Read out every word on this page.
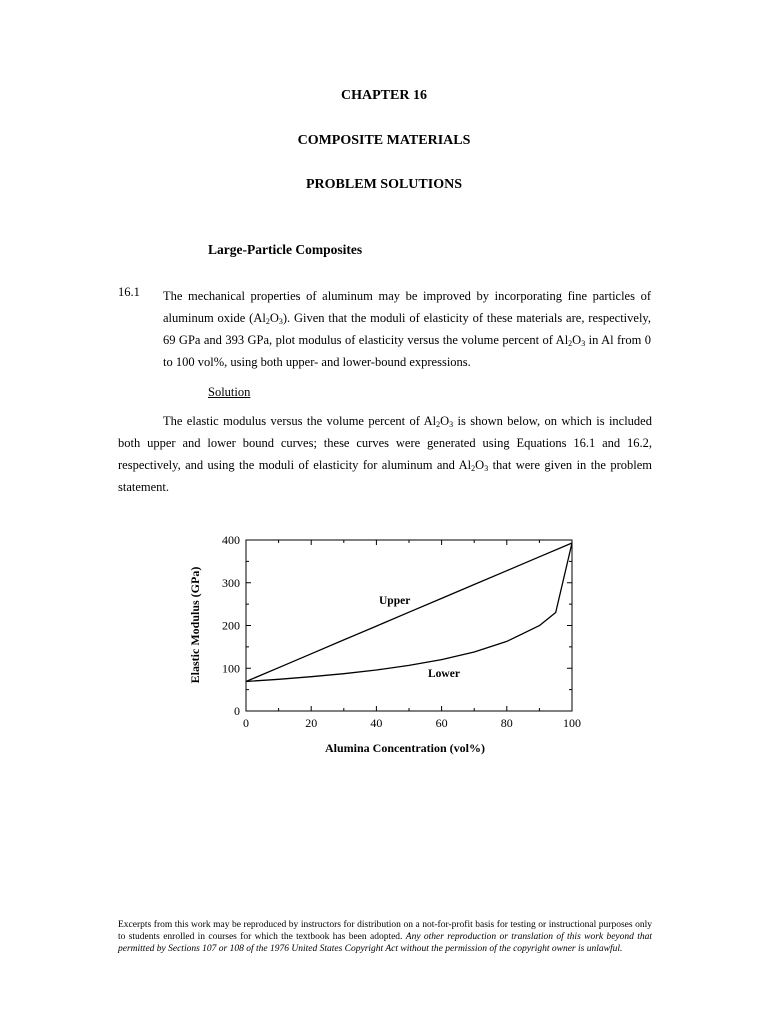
CHAPTER 16
COMPOSITE MATERIALS
PROBLEM SOLUTIONS
Large-Particle Composites
16.1 The mechanical properties of aluminum may be improved by incorporating fine particles of aluminum oxide $(Al_2O_3)$. Given that the moduli of elasticity of these materials are, respectively, 69 GPa and 393 GPa, plot modulus of elasticity versus the volume percent of $Al_2O_3$ in Al from 0 to 100 vol%, using both upper- and lower-bound expressions.

Solution

The elastic modulus versus the volume percent of $Al_2O_3$ is shown below, on which is included both upper and lower bound curves; these curves were generated using Equations 16.1 and 16.2, respectively, and using the moduli of elasticity for aluminum and $Al_2O_3$ that were given in the problem statement.

0	20	40	60	80	100
0
100
200
300
400
Upper
Lower
Alumina Concentration (vol%)
Elastic Modulus (GPa)

Excerpts from this work may be reproduced by instructors for distribution on a not-for-profit basis for testing or instructional purposes only to students enrolled in courses for which the textbook has been adopted. Any other reproduction or translation of this work beyond that permitted by Sections 107 or 108 of the 1976 United States Copyright Act without the permission of the copyright owner is unlawful.
